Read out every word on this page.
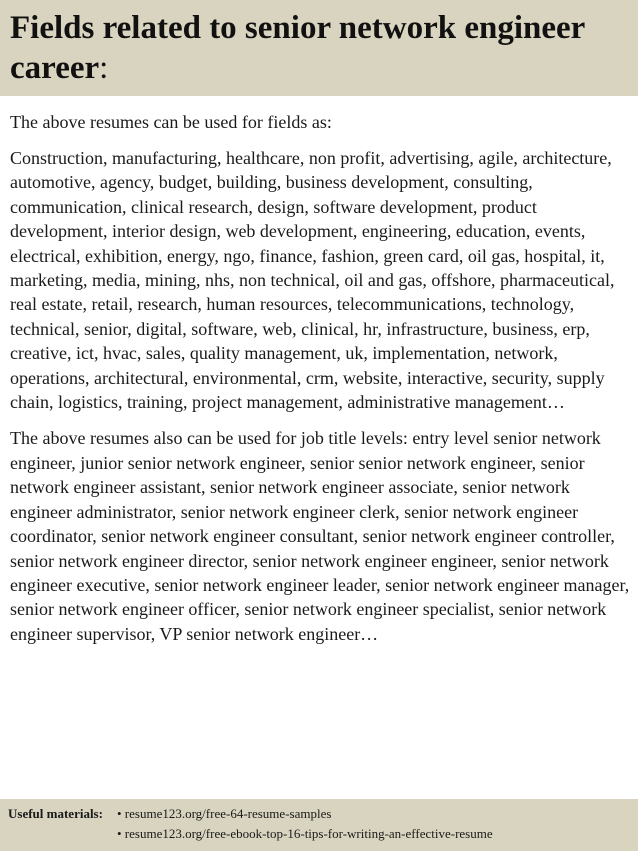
Fields related to senior network engineer career:

The above resumes can be used for fields as:

Construction, manufacturing, healthcare, non profit, advertising, agile, architecture, automotive, agency, budget, building, business development, consulting, communication, clinical research, design, software development, product development, interior design, web development, engineering, education, events, electrical, exhibition, energy, ngo, finance, fashion, green card, oil gas, hospital, it, marketing, media, mining, nhs, non technical, oil and gas, offshore, pharmaceutical, real estate, retail, research, human resources, telecommunications, technology, technical, senior, digital, software, web, clinical, hr, infrastructure, business, erp, creative, ict, hvac, sales, quality management, uk, implementation, network, operations, architectural, environmental, crm, website, interactive, security, supply chain, logistics, training, project management, administrative management…

The above resumes also can be used for job title levels: entry level senior network engineer, junior senior network engineer, senior senior network engineer, senior network engineer assistant, senior network engineer associate, senior network engineer administrator, senior network engineer clerk, senior network engineer coordinator, senior network engineer consultant, senior network engineer controller, senior network engineer director, senior network engineer engineer, senior network engineer executive, senior network engineer leader, senior network engineer manager, senior network engineer officer, senior network engineer specialist, senior network engineer supervisor, VP senior network engineer…

Useful materials:	• resume123.org/free-64-resume-samples
• resume123.org/free-ebook-top-16-tips-for-writing-an-effective-resume
